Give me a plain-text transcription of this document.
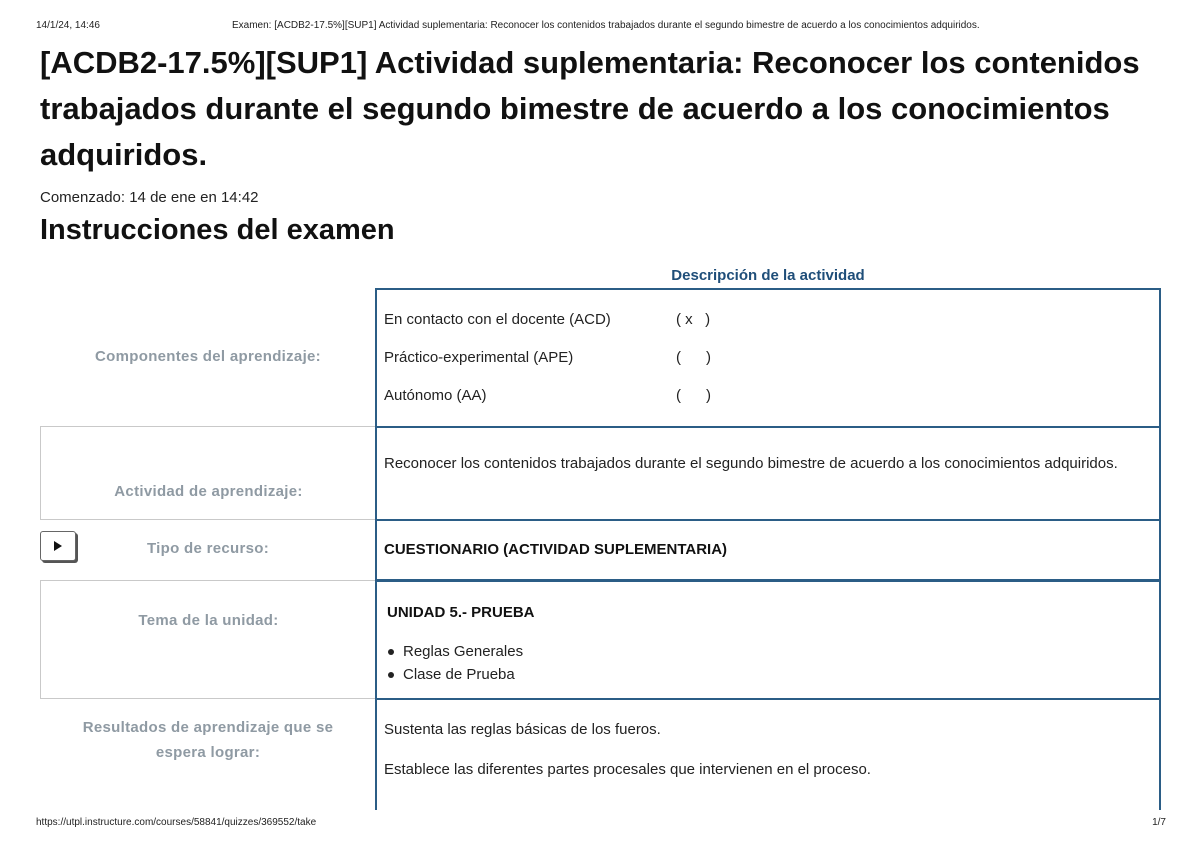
14/1/24, 14:46	Examen: [ACDB2-17.5%][SUP1] Actividad suplementaria: Reconocer los contenidos trabajados durante el segundo bimestre de acuerdo a los conocimientos adquiridos.
[ACDB2-17.5%][SUP1] Actividad suplementaria: Reconocer los contenidos trabajados durante el segundo bimestre de acuerdo a los conocimientos adquiridos.
Comenzado: 14 de ene en 14:42
Instrucciones del examen
Descripción de la actividad
Componentes del aprendizaje:
En contacto con el docente (ACD)	( x   )
Práctico-experimental (APE)	(      )
Autónomo (AA)	(      )
Actividad de aprendizaje:
Reconocer los contenidos trabajados durante el segundo bimestre de acuerdo a los conocimientos adquiridos.
Tipo de recurso:	CUESTIONARIO (ACTIVIDAD SUPLEMENTARIA)
Tema de la unidad:	UNIDAD 5.- PRUEBA
Reglas Generales
Clase de Prueba
Resultados de aprendizaje que se espera lograr:
Sustenta las reglas básicas de los fueros.
Establece las diferentes partes procesales que intervienen en el proceso.
https://utpl.instructure.com/courses/58841/quizzes/369552/take	1/7
